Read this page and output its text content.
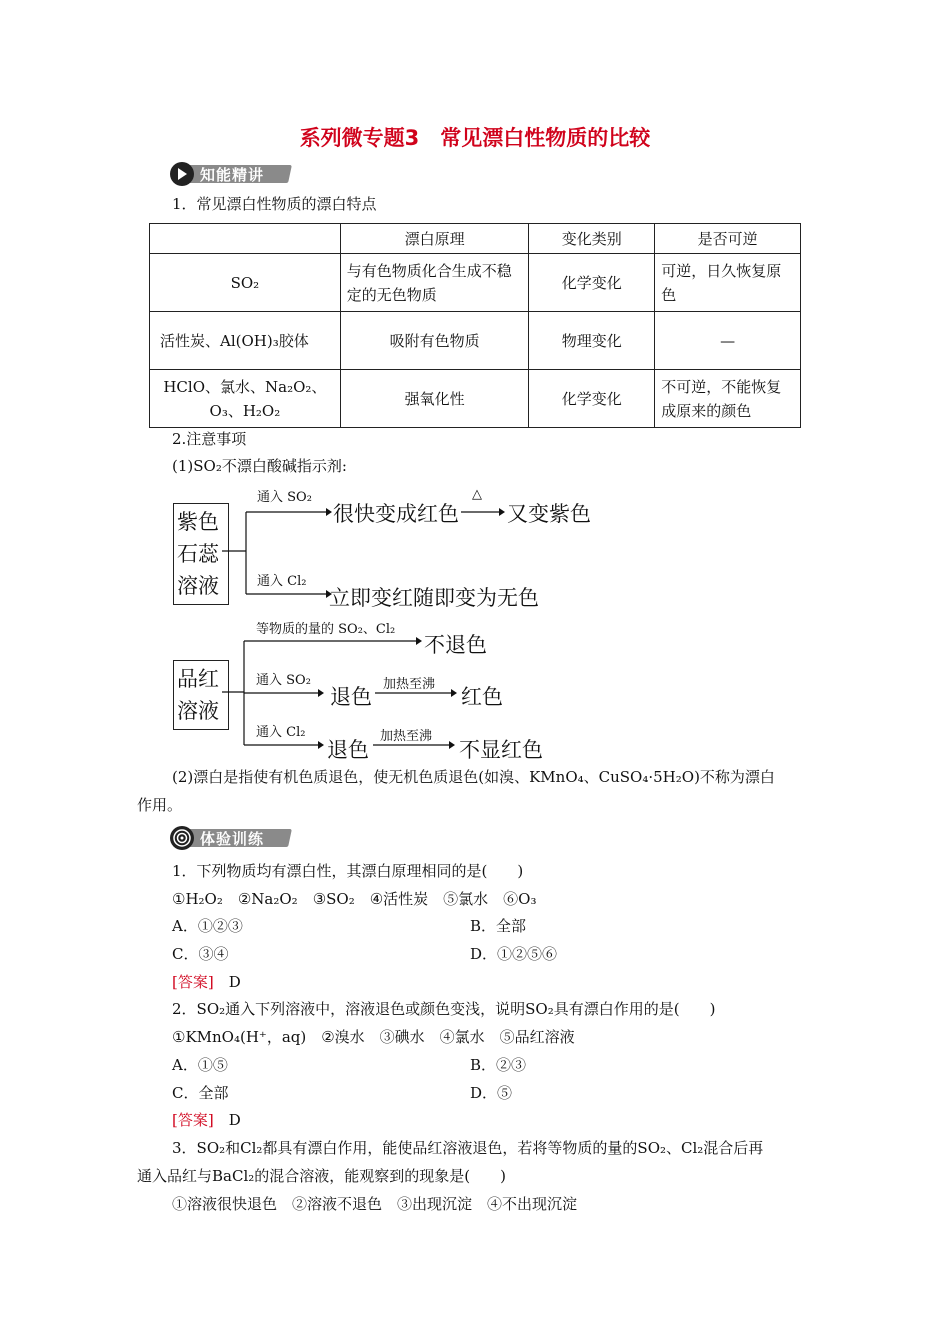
系列微专题3　常见漂白性物质的比较
知能精讲
1．常见漂白性物质的漂白特点
	漂白原理	变化类别	是否可逆
SO₂	与有色物质化合生成不稳定的无色物质	化学变化	可逆，日久恢复原色
活性炭、Al(OH)₃胶体	吸附有色物质	物理变化	—
HClO、氯水、Na₂O₂、O₃、H₂O₂	强氧化性	化学变化	不可逆，不能恢复成原来的颜色
2.注意事项
(1)SO₂不漂白酸碱指示剂:
紫色
石蕊
溶液
通入 SO₂
很快变成红色
△
又变紫色
通入 Cl₂
立即变红随即变为无色
品红
溶液
等物质的量的 SO₂、Cl₂
不退色
通入 SO₂
退色
加热至沸
红色
通入 Cl₂
退色
加热至沸
不显红色
(2)漂白是指使有机色质退色，使无机色质退色(如溴、KMnO₄、CuSO₄·5H₂O)不称为漂白
作用。
体验训练
1．下列物质均有漂白性，其漂白原理相同的是(　　)
①H₂O₂　②Na₂O₂　③SO₂　④活性炭　⑤氯水　⑥O₃
A．①②③	B．全部
C．③④	D．①②⑤⑥
[答案]　 D
2．SO₂通入下列溶液中，溶液退色或颜色变浅，说明SO₂具有漂白作用的是(　　)
①KMnO₄(H⁺，aq)　②溴水　③碘水　④氯水　⑤品红溶液
A．①⑤	B．②③
C．全部	D．⑤
[答案]　 D
3．SO₂和Cl₂都具有漂白作用，能使品红溶液退色，若将等物质的量的SO₂、Cl₂混合后再
通入品红与BaCl₂的混合溶液，能观察到的现象是(　　)
①溶液很快退色　②溶液不退色　③出现沉淀　④不出现沉淀
